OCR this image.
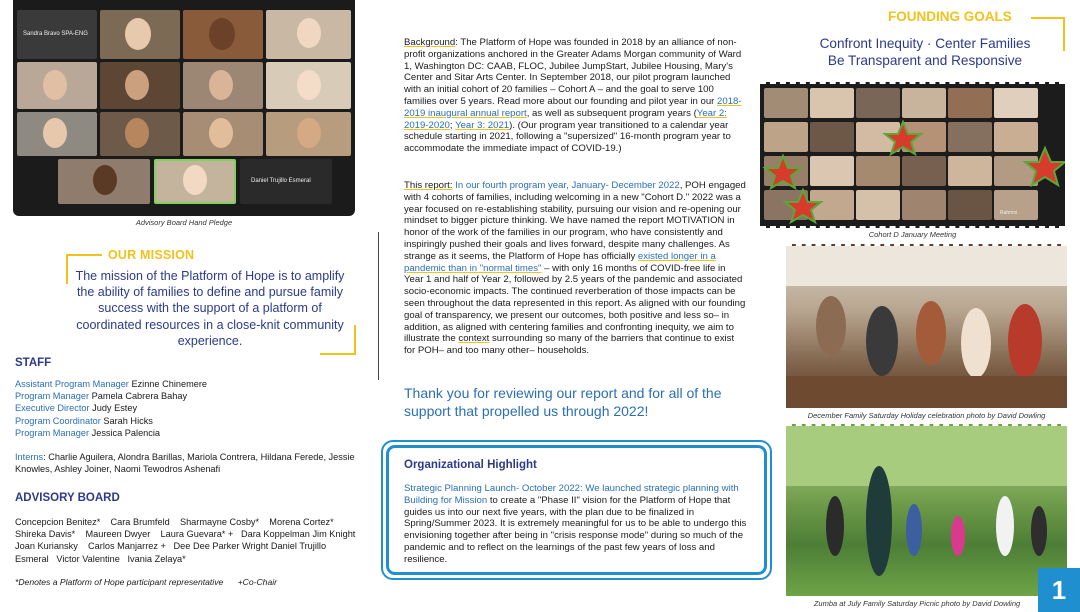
Sandra Bravo SPA-ENG
Daniel Trujillo Esmeral
Advisory Board Hand Pledge
OUR MISSION
The mission of the Platform of Hope is to amplify the ability of families to define and pursue family success with the support of a platform of coordinated resources in a close-knit community experience.
STAFF
Assistant Program Manager Ezinne Chinemere
Program Manager Pamela Cabrera Bahay
Executive Director Judy Estey
Program Coordinator Sarah Hicks
Program Manager Jessica Palencia
Interns: Charlie Aguilera, Alondra Barillas, Mariola Contrera, Hildana Ferede, Jessie Knowles, Ashley Joiner, Naomi Tewodros Ashenafi
ADVISORY BOARD
Concepcion Benitez*    Cara Brumfeld    Sharmayne Cosby*    Morena Cortez*    Shireka Davis*    Maureen Dwyer    Laura Guevara* +   Dara Koppelman Jim Knight    Joan Kuriansky    Carlos Manjarrez +   Dee Dee Parker Wright Daniel Trujillo Esmeral   Victor Valentine   Ivania Zelaya*
*Denotes a Platform of Hope participant representative      +Co-Chair
Background: The Platform of Hope was founded in 2018 by an alliance of non-profit organizations anchored in the Greater Adams Morgan community of Ward 1, Washington DC: CAAB, FLOC, Jubilee JumpStart, Jubilee Housing, Mary's Center and Sitar Arts Center. In September 2018, our pilot program launched with an initial cohort of 20 families – Cohort A – and the goal to serve 100 families over 5 years. Read more about our founding and pilot year in our 2018-2019 inaugural annual report, as well as subsequent program years (Year 2: 2019-2020; Year 3: 2021). (Our program year transitioned to a calendar year schedule starting in 2021, following a "supersized" 16-month program year to accommodate the immediate impact of COVID-19.)
This report: In our fourth program year, January- December 2022, POH engaged with 4 cohorts of families, including welcoming in a new "Cohort D." 2022 was a year focused on re-establishing stability, pursuing our vision and re-opening our mindset to bigger picture thinking. We have named the report MOTIVATION in honor of the work of the families in our program, who have consistently and inspiringly pushed their goals and lives forward, despite many challenges. As strange as it seems, the Platform of Hope has officially existed longer in a pandemic than in "normal times" – with only 16 months of COVID-free life in Year 1 and half of Year 2, followed by 2.5 years of the pandemic and associated socio-economic impacts. The continued reverberation of those impacts can be seen throughout the data represented in this report. As aligned with our founding goal of transparency, we present our outcomes, both positive and less so– in addition, as aligned with centering families and confronting inequity, we aim to illustrate the context surrounding so many of the barriers that continue to exist for POH– and too many other– households.
Thank you for reviewing our report and for all of the support that propelled us through 2022!
Organizational Highlight
Strategic Planning Launch- October 2022: We launched strategic planning with Building for Mission to create a "Phase II" vision for the Platform of Hope that guides us into our next five years, with the plan due to be finalized in Spring/Summer 2023. It is extremely meaningful for us to be able to undergo this envisioning together after being in "crisis response mode" during so much of the pandemic and to reflect on the learnings of the past few years of loss and resilience.
FOUNDING GOALS
Confront Inequity · Center Families
Be Transparent and Responsive
Rahmni
Cohort D January Meeting
December Family Saturday Holiday celebration photo by David Dowling
Zumba at July Family Saturday Picnic photo by David Dowling	1
